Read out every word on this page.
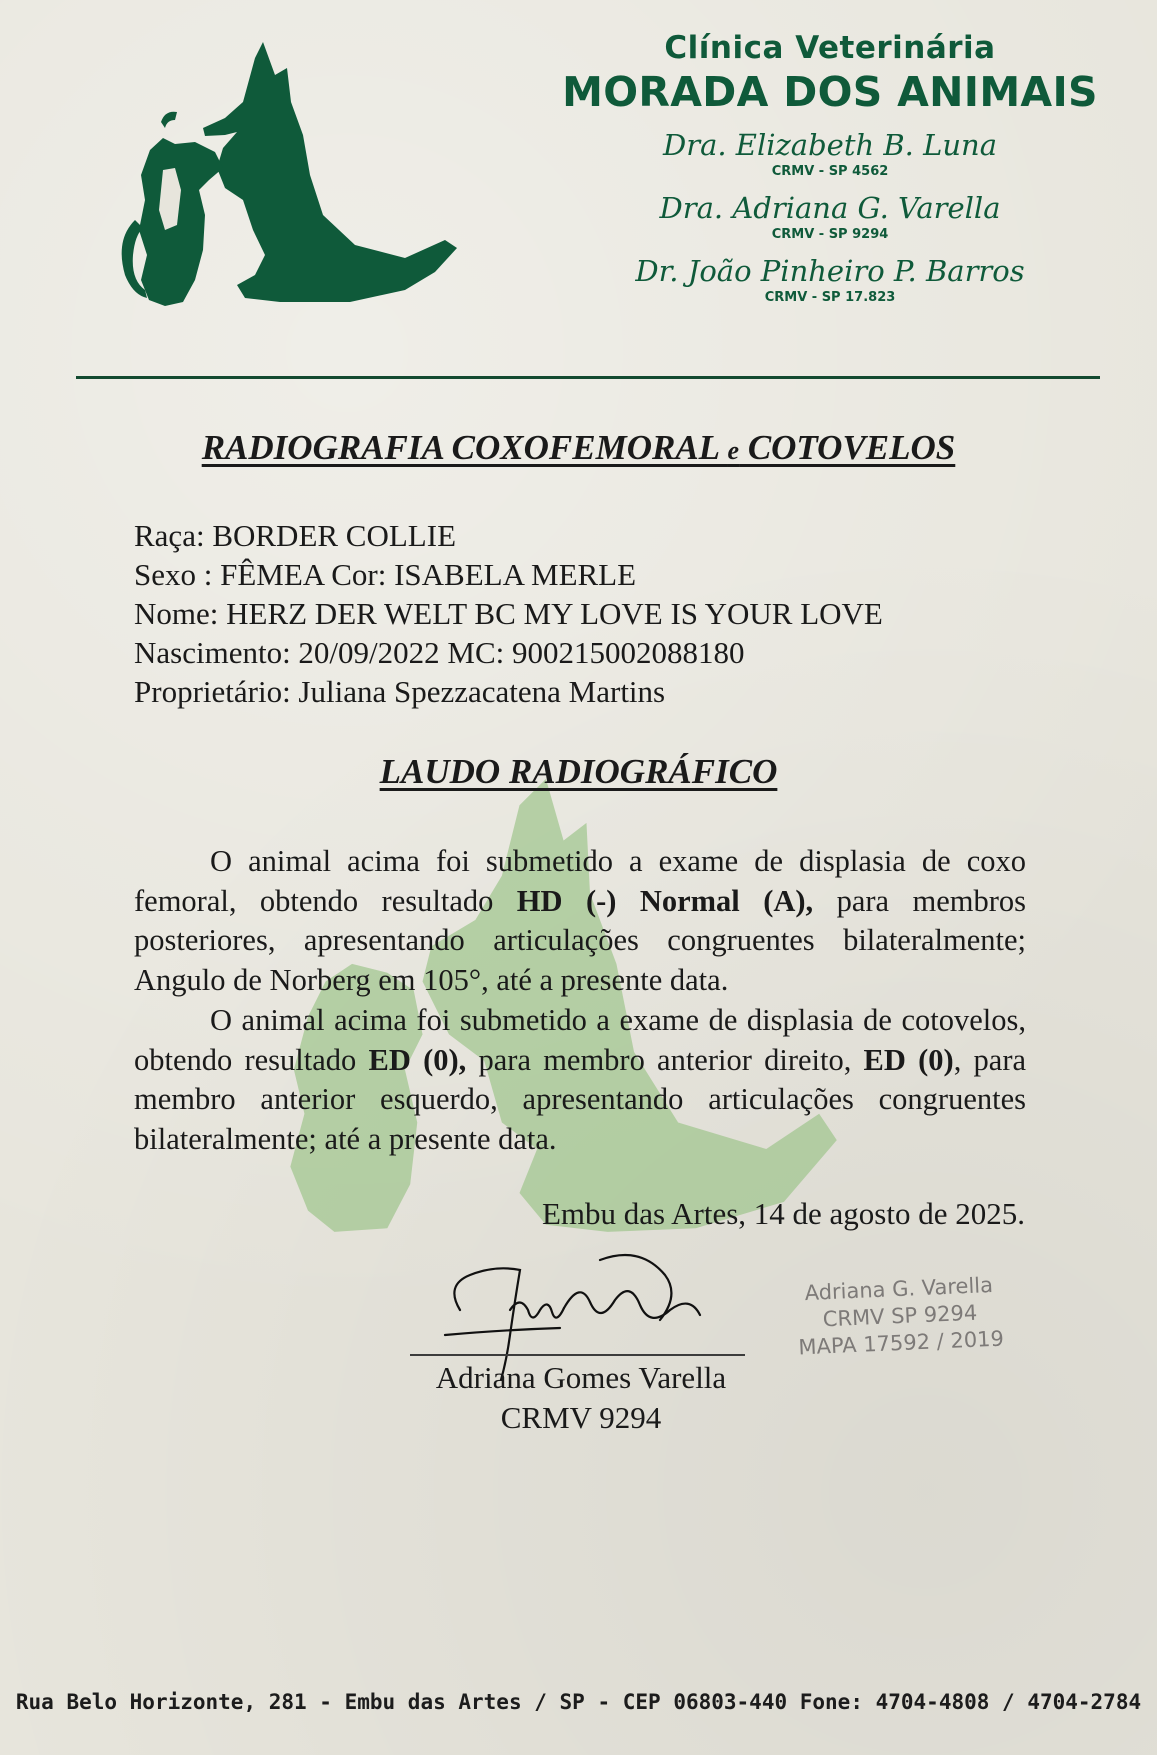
Clínica Veterinária
MORADA DOS ANIMAIS
Dra. Elizabeth B. Luna
CRMV - SP 4562
Dra. Adriana G. Varella
CRMV - SP 9294
Dr. João Pinheiro P. Barros
CRMV - SP 17.823
RADIOGRAFIA COXOFEMORAL e COTOVELOS
Raça: BORDER COLLIE
Sexo : FÊMEA Cor: ISABELA MERLE
Nome: HERZ DER WELT BC MY LOVE IS YOUR LOVE
Nascimento: 20/09/2022 MC: 900215002088180
Proprietário: Juliana Spezzacatena Martins
LAUDO RADIOGRÁFICO

O animal acima foi submetido a exame de displasia de coxo femoral, obtendo resultado HD (-) Normal (A), para membros posteriores, apresentando articulações congruentes bilateralmente; Angulo de Norberg em 105°, até a presente data.

O animal acima foi submetido a exame de displasia de cotovelos, obtendo resultado ED (0), para membro anterior direito, ED (0), para membro anterior esquerdo, apresentando articulações congruentes bilateralmente; até a presente data.

Embu das Artes, 14 de agosto de 2025.
Adriana Gomes Varella
CRMV 9294
Adriana G. Varella
CRMV SP 9294
MAPA 17592 / 2019
Rua Belo Horizonte, 281 - Embu das Artes / SP - CEP 06803-440 Fone: 4704-4808 / 4704-2784
